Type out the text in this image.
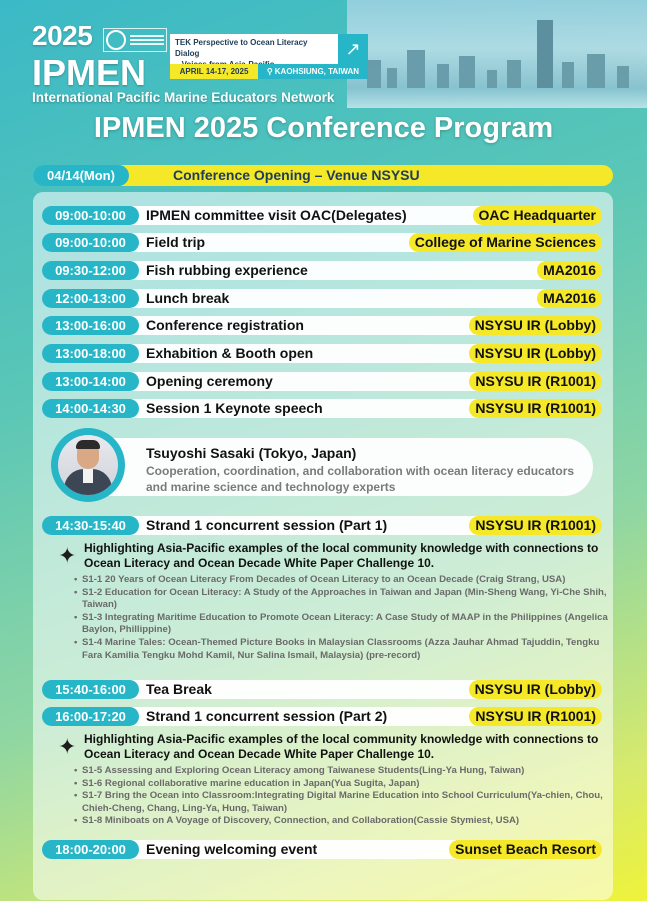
2025
IPMEN
TEK Perspective to Ocean Literacy Dialog	↗
APRIL 14-17, 2025	⚲ KAOHSIUNG, TAIWAN
International Pacific Marine Educators Network
IPMEN 2025 Conference Program
04/14(Mon)	Conference Opening – Venue NSYSU
09:00-10:00	IPMEN committee visit OAC(Delegates)	OAC Headquarter
09:00-10:00	Field trip	College of Marine Sciences
09:30-12:00	Fish rubbing experience	MA2016
12:00-13:00	Lunch break	MA2016
13:00-16:00	Conference registration	NSYSU IR (Lobby)
13:00-18:00	Exhabition & Booth open	NSYSU IR (Lobby)
13:00-14:00	Opening ceremony	NSYSU IR (R1001)
14:00-14:30	Session 1 Keynote speech	NSYSU IR (R1001)
Tsuyoshi Sasaki (Tokyo, Japan)
Cooperation, coordination, and collaboration with ocean literacy educators and marine science and technology experts
14:30-15:40	Strand 1 concurrent session (Part 1)	NSYSU IR (R1001)
✦ Highlighting Asia-Pacific examples of the local community knowledge with connections to Ocean Literacy and Ocean Decade White Paper Challenge 10.
• S1-1 20 Years of Ocean Literacy From Decades of Ocean Literacy to an Ocean Decade (Craig Strang, USA)
• S1-2 Education for Ocean Literacy: A Study of the Approaches in Taiwan and Japan (Min-Sheng Wang, Yi-Che Shih, Taiwan)
• S1-3 Integrating Maritime Education to Promote Ocean Literacy: A Case Study of MAAP in the Philippines (Angelica Baylon, Phillippine)
• S1-4 Marine Tales: Ocean-Themed Picture Books in Malaysian Classrooms (Azza Jauhar Ahmad Tajuddin, Tengku Fara Kamilia Tengku Mohd Kamil, Nur Salina Ismail, Malaysia) (pre-record)
15:40-16:00	Tea Break	NSYSU IR (Lobby)
16:00-17:20	Strand 1 concurrent session (Part 2)	NSYSU IR (R1001)
✦ Highlighting Asia-Pacific examples of the local community knowledge with connections to Ocean Literacy and Ocean Decade White Paper Challenge 10.
• S1-5 Assessing and Exploring Ocean Literacy among Taiwanese Students(Ling-Ya Hung, Taiwan)
• S1-6 Regional collaborative marine education in Japan(Yua Sugita, Japan)
• S1-7 Bring the Ocean into Classroom:Integrating Digital Marine Education into School Curriculum(Ya-chien, Chou, Chieh-Cheng, Chang, Ling-Ya, Hung, Taiwan)
• S1-8 Miniboats on A Voyage of Discovery, Connection, and Collaboration(Cassie Stymiest, USA)
18:00-20:00	Evening welcoming event	Sunset Beach Resort
